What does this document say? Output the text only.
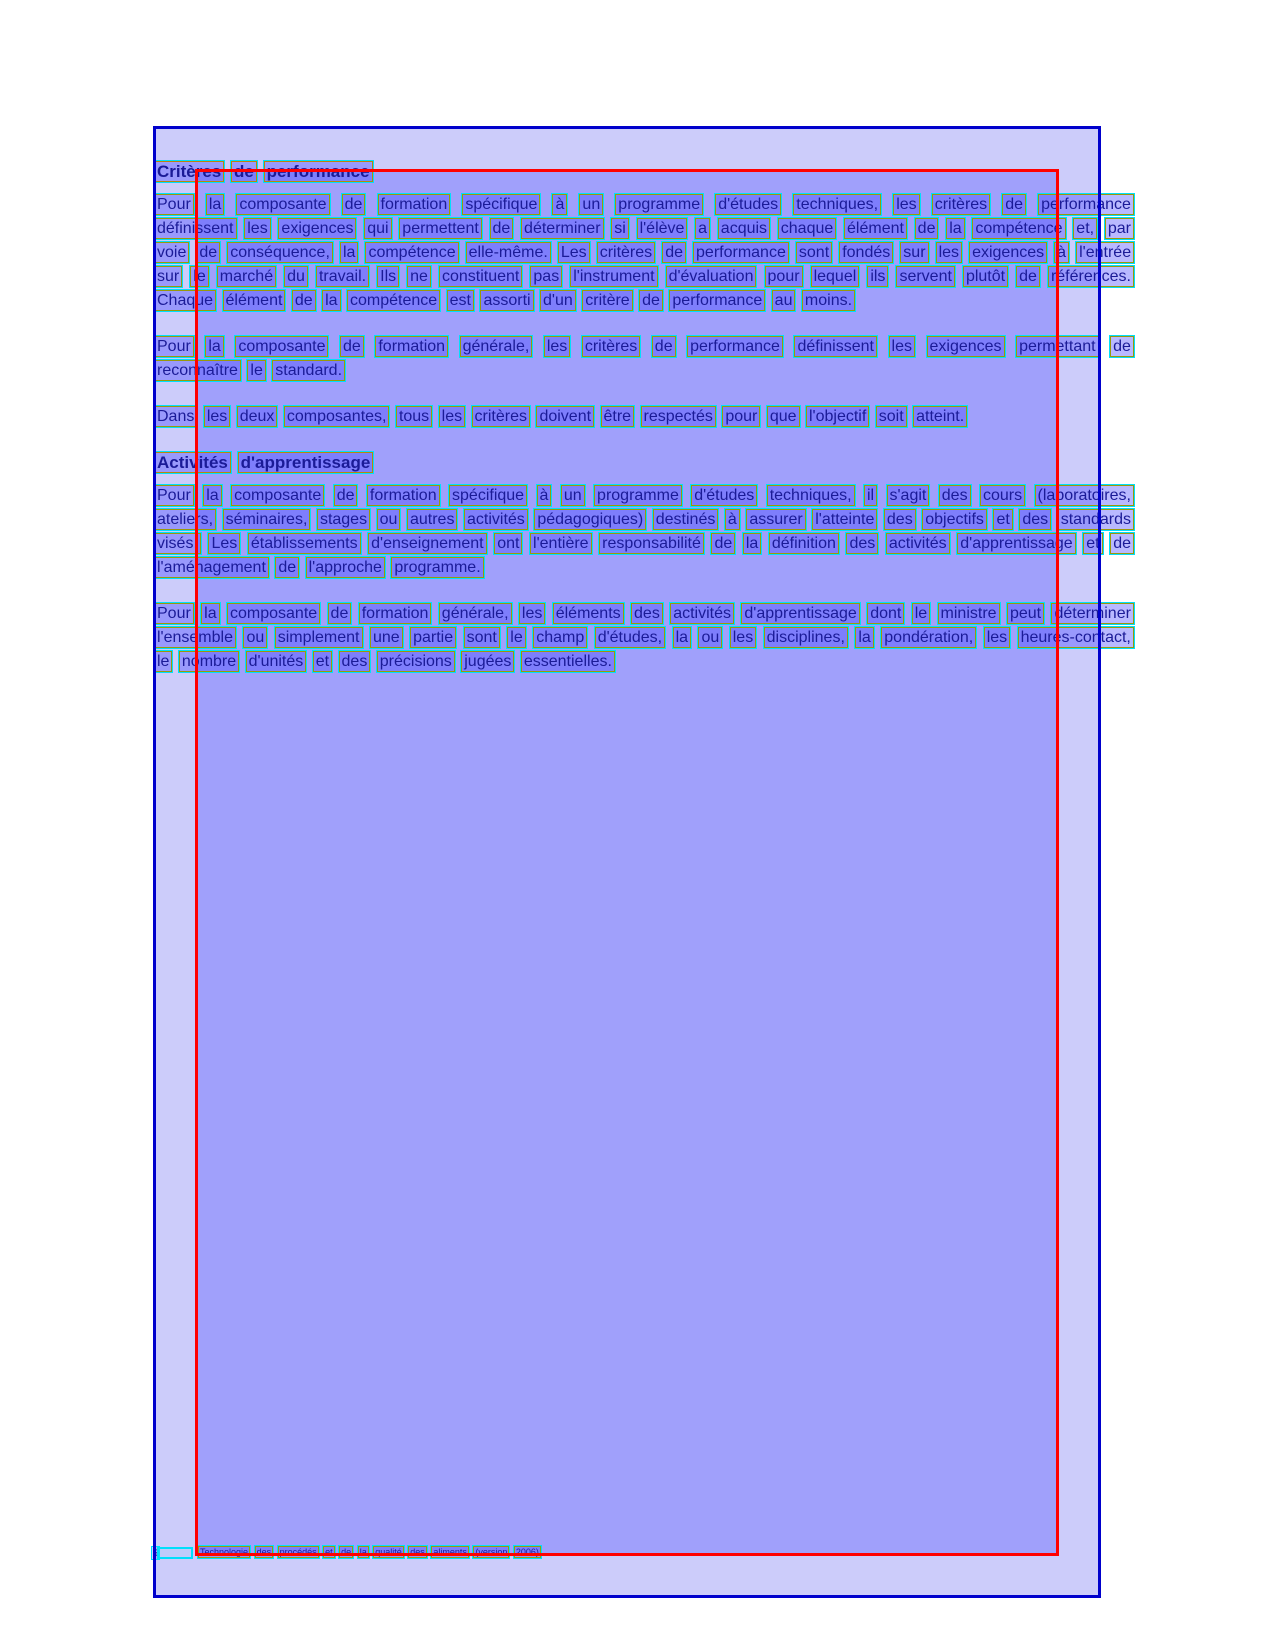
Critères de performance
Pour la composante de formation spécifique à un programme d'études techniques, les critères de performance définissent les exigences qui permettent de déterminer si l'élève a acquis chaque élément de la compétence et, par voie de conséquence, la compétence elle-même. Les critères de performance sont fondés sur les exigences à l'entrée sur le marché du travail. Ils ne constituent pas l'instrument d'évaluation pour lequel ils servent plutôt de références. Chaque élément de la compétence est assorti d'un critère de performance au moins.
Pour la composante de formation générale, les critères de performance définissent les exigences permettant de reconnaître le standard.
Dans les deux composantes, tous les critères doivent être respectés pour que l'objectif soit atteint.
Activités d'apprentissage
Pour la composante de formation spécifique à un programme d'études techniques, il s'agit des cours (laboratoires, ateliers, séminaires, stages ou autres activités pédagogiques) destinés à assurer l'atteinte des objectifs et des standards visés. Les établissements d'enseignement ont l'entière responsabilité de la définition des activités d'apprentissage et de l'aménagement de l'approche programme.
Pour la composante de formation générale, les éléments des activités d'apprentissage dont le ministre peut déterminer l'ensemble ou simplement une partie sont le champ d'études, la ou les disciplines, la pondération, les heures-contact, le nombre d'unités et des précisions jugées essentielles.
5	Technologie des procédés et de la qualité des aliments (version 2006)
